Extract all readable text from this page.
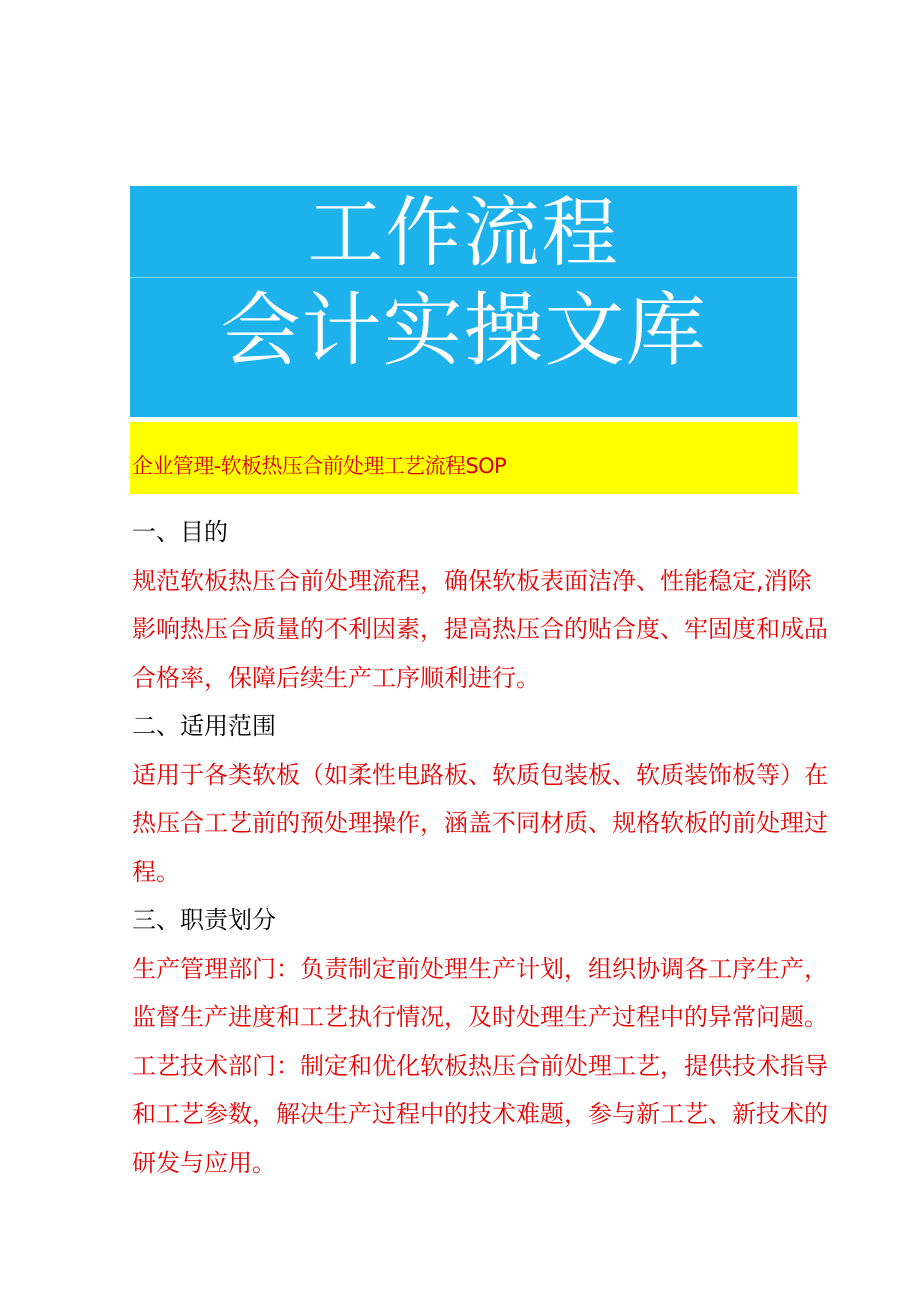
工作流程
会计实操文库
企业管理-软板热压合前处理工艺流程SOP
一、目的
规范软板热压合前处理流程，确保软板表面洁净、性能稳定,消除
影响热压合质量的不利因素，提高热压合的贴合度、牢固度和成品
合格率，保障后续生产工序顺利进行。
二、适用范围
适用于各类软板（如柔性电路板、软质包装板、软质装饰板等）在
热压合工艺前的预处理操作，涵盖不同材质、规格软板的前处理过
程。
三、职责划分
生产管理部门：负责制定前处理生产计划，组织协调各工序生产，
监督生产进度和工艺执行情况，及时处理生产过程中的异常问题。
工艺技术部门：制定和优化软板热压合前处理工艺，提供技术指导
和工艺参数，解决生产过程中的技术难题，参与新工艺、新技术的
研发与应用。
